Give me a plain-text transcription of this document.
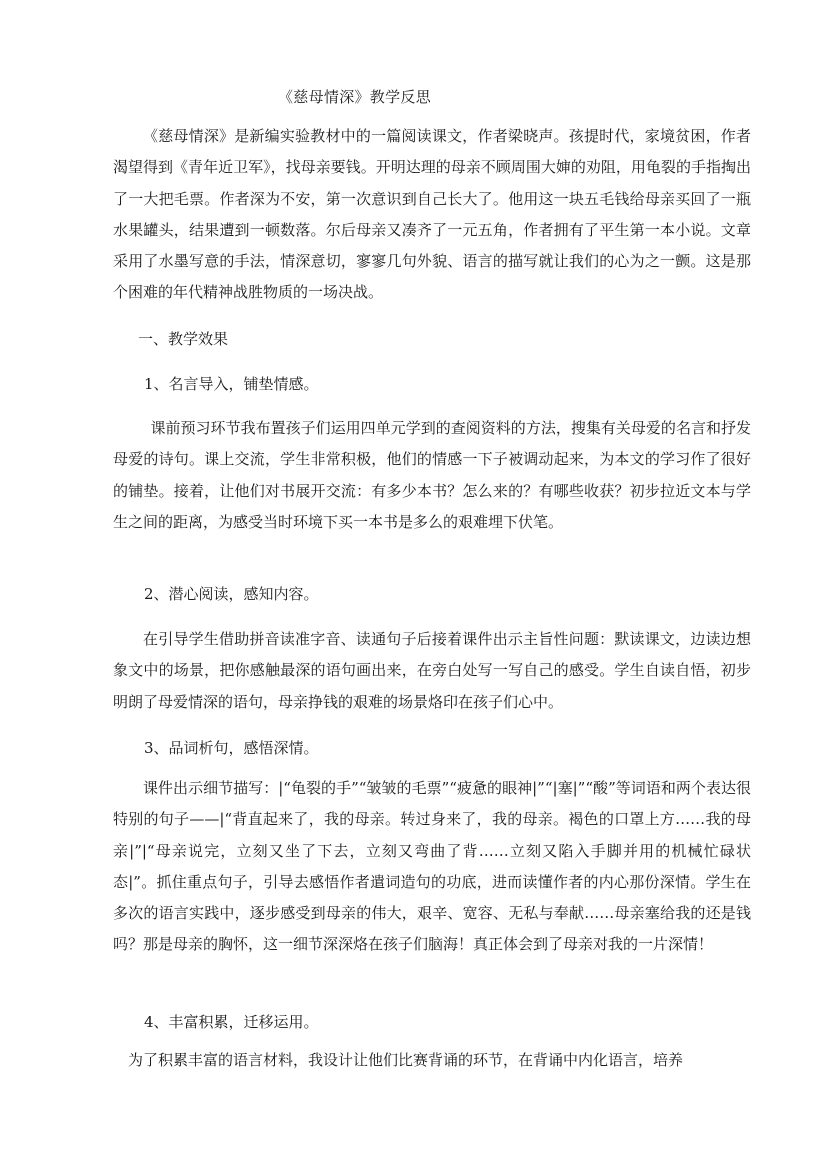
《慈母情深》教学反思

《慈母情深》是新编实验教材中的一篇阅读课文，作者梁晓声。孩提时代，家境贫困，作者渴望得到《青年近卫军》，找母亲要钱。开明达理的母亲不顾周围大婶的劝阻，用龟裂的手指掏出了一大把毛票。作者深为不安，第一次意识到自己长大了。他用这一块五毛钱给母亲买回了一瓶水果罐头，结果遭到一顿数落。尔后母亲又凑齐了一元五角，作者拥有了平生第一本小说。文章采用了水墨写意的手法，情深意切，寥寥几句外貌、语言的描写就让我们的心为之一颤。这是那个困难的年代精神战胜物质的一场决战。

一、教学效果

1、名言导入，铺垫情感。

课前预习环节我布置孩子们运用四单元学到的查阅资料的方法，搜集有关母爱的名言和抒发母爱的诗句。课上交流，学生非常积极，他们的情感一下子被调动起来，为本文的学习作了很好的铺垫。接着，让他们对书展开交流：有多少本书？怎么来的？有哪些收获？初步拉近文本与学生之间的距离，为感受当时环境下买一本书是多么的艰难埋下伏笔。

2、潜心阅读，感知内容。

在引导学生借助拼音读准字音、读通句子后接着课件出示主旨性问题：默读课文，边读边想象文中的场景，把你感触最深的语句画出来，在旁白处写一写自己的感受。学生自读自悟，初步明朗了母爱情深的语句，母亲挣钱的艰难的场景烙印在孩子们心中。

3、品词析句，感悟深情。

课件出示细节描写：|“龟裂的手”“皱皱的毛票”“疲惫的眼神|”“|塞|”“酸”等词语和两个表达很特别的句子——|“背直起来了，我的母亲。转过身来了，我的母亲。褐色的口罩上方……我的母亲|”|“母亲说完，立刻又坐了下去，立刻又弯曲了背……立刻又陷入手脚并用的机械忙碌状态|”。抓住重点句子，引导去感悟作者遣词造句的功底，进而读懂作者的内心那份深情。学生在多次的语言实践中，逐步感受到母亲的伟大，艰辛、宽容、无私与奉献……母亲塞给我的还是钱吗？那是母亲的胸怀，这一细节深深烙在孩子们脑海！真正体会到了母亲对我的一片深情！

4、丰富积累，迁移运用。

为了积累丰富的语言材料，我设计让他们比赛背诵的环节，在背诵中内化语言，培养
